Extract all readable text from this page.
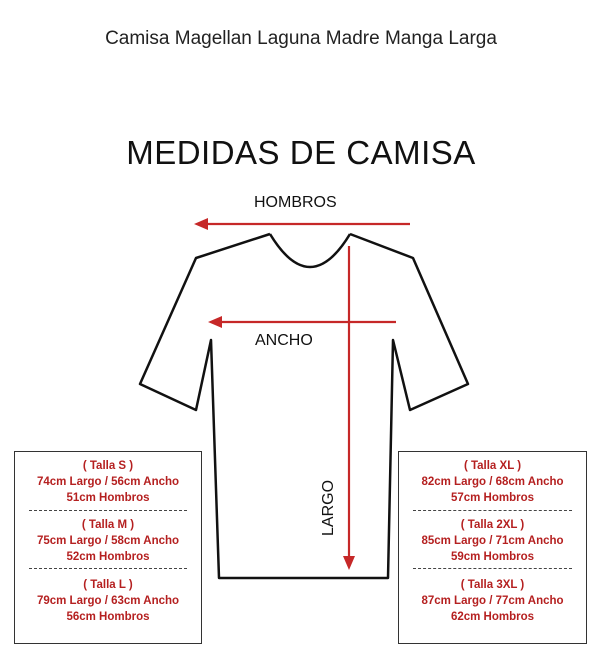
Camisa Magellan Laguna Madre Manga Larga
MEDIDAS DE CAMISA
HOMBROS
ANCHO
LARGO
( Talla S )
74cm Largo / 56cm Ancho
51cm Hombros
( Talla M )
75cm Largo / 58cm Ancho
52cm Hombros
( Talla L )
79cm Largo / 63cm Ancho
56cm Hombros
( Talla XL )
82cm Largo / 68cm Ancho
57cm Hombros
( Talla 2XL )
85cm Largo / 71cm Ancho
59cm Hombros
( Talla 3XL )
87cm Largo / 77cm Ancho
62cm Hombros
